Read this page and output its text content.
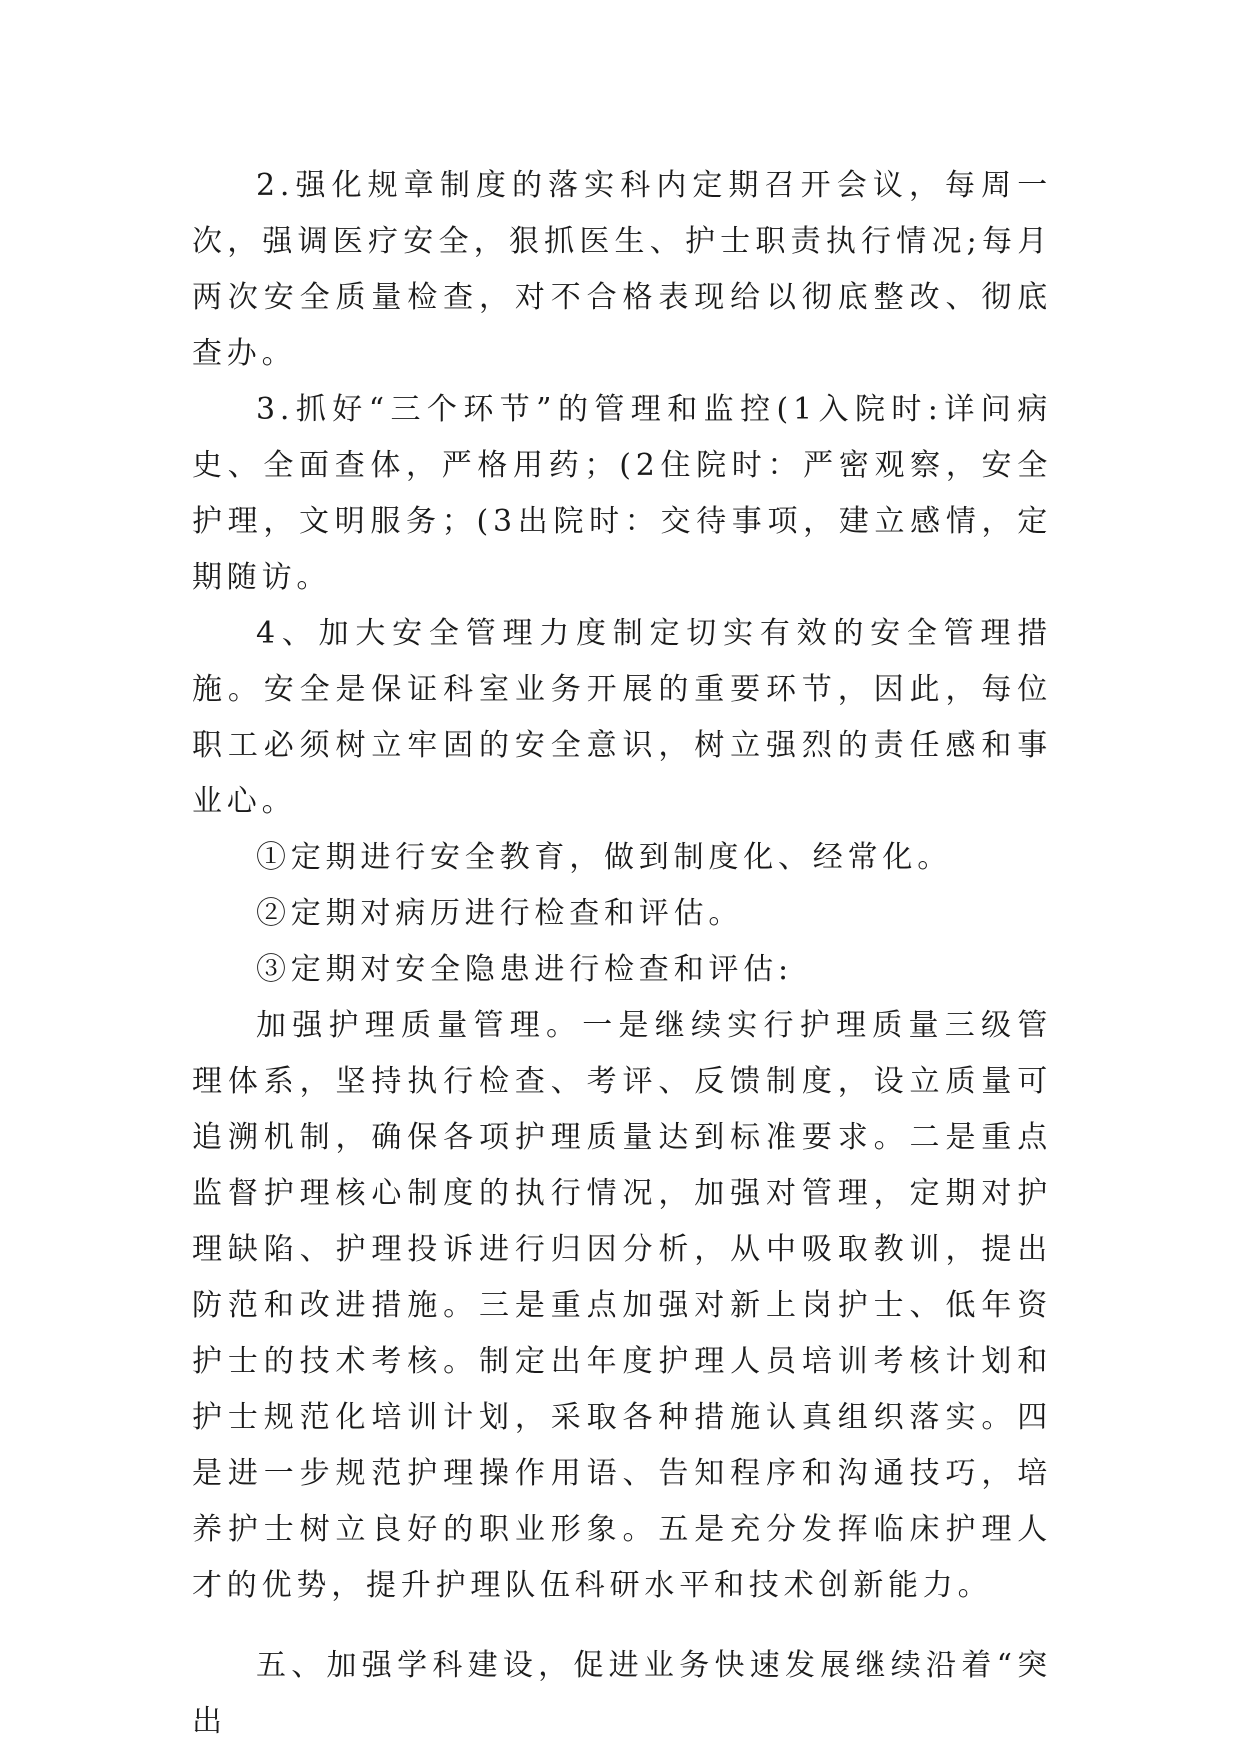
2.强化规章制度的落实科内定期召开会议，每周一次，强调医疗安全，狠抓医生、护士职责执行情况;每月两次安全质量检查，对不合格表现给以彻底整改、彻底查办。

3.抓好“三个环节”的管理和监控(1入院时:详问病史、全面查体，严格用药；(2住院时：严密观察，安全护理，文明服务；(3出院时：交待事项，建立感情，定期随访。

4、加大安全管理力度制定切实有效的安全管理措施。安全是保证科室业务开展的重要环节，因此，每位职工必须树立牢固的安全意识，树立强烈的责任感和事业心。

①定期进行安全教育，做到制度化、经常化。

②定期对病历进行检查和评估。

③定期对安全隐患进行检查和评估:

加强护理质量管理。一是继续实行护理质量三级管理体系，坚持执行检查、考评、反馈制度，设立质量可追溯机制，确保各项护理质量达到标准要求。二是重点监督护理核心制度的执行情况，加强对管理，定期对护理缺陷、护理投诉进行归因分析，从中吸取教训，提出防范和改进措施。三是重点加强对新上岗护士、低年资护士的技术考核。制定出年度护理人员培训考核计划和护士规范化培训计划，采取各种措施认真组织落实。四是进一步规范护理操作用语、告知程序和沟通技巧，培养护士树立良好的职业形象。五是充分发挥临床护理人才的优势，提升护理队伍科研水平和技术创新能力。

五、加强学科建设，促进业务快速发展继续沿着“突出
